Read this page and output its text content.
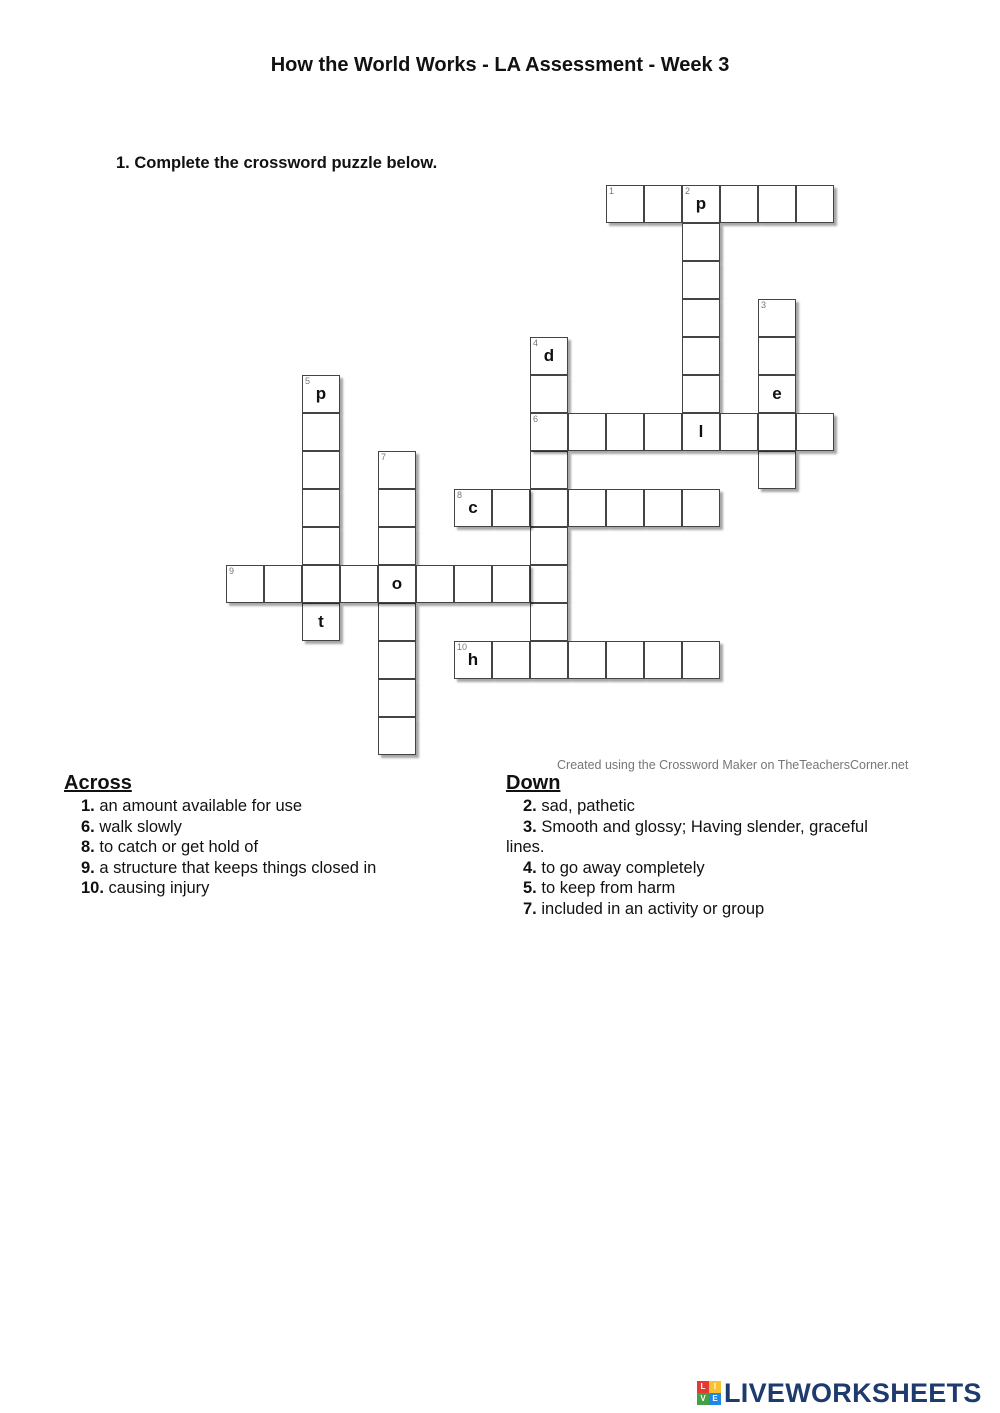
How the World Works - LA Assessment - Week 3
1. Complete the crossword puzzle below.
1	2
p
3
e
4
d
6
l
5
p
t
7
8
c
9
o
10
h
Created using the Crossword Maker on TheTeachersCorner.net
Across
1. an amount available for use
6. walk slowly
8. to catch or get hold of
9. a structure that keeps things closed in
10. causing injury
Down
2. sad, pathetic
3. Smooth and glossy; Having slender, graceful
lines.
4. to go away completely
5. to keep from harm
7. included in an activity or group
L	I
V E LIVEWORKSHEETS
